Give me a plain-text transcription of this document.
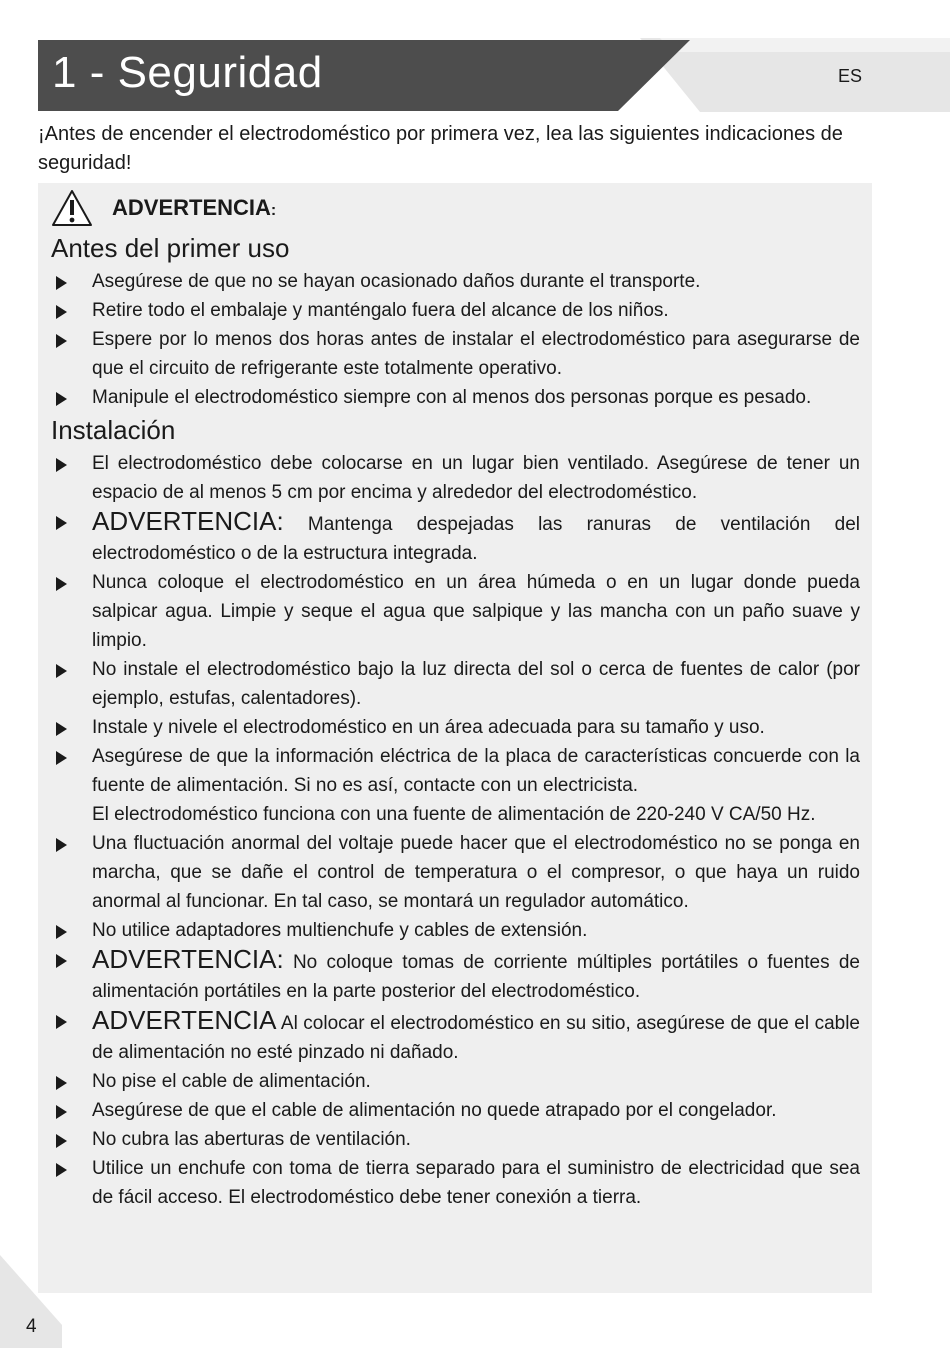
1 - Seguridad	ES

¡Antes de encender el electrodoméstico por primera vez, lea las siguientes indicaciones de seguridad!

ADVERTENCIA:
Antes del primer uso
Asegúrese de que no se hayan ocasionado daños durante el transporte.
Retire todo el embalaje y manténgalo fuera del alcance de los niños.
Espere por lo menos dos horas antes de instalar el electrodoméstico para asegurarse de que el circuito de refrigerante este totalmente operativo.
Manipule el electrodoméstico siempre con al menos dos personas porque es pesado.
Instalación
El electrodoméstico debe colocarse en un lugar bien ventilado. Asegúrese de tener un espacio de al menos 5 cm por encima y alrededor del electrodoméstico.
ADVERTENCIA: Mantenga despejadas las ranuras de ventilación del electrodoméstico o de la estructura integrada.
Nunca coloque el electrodoméstico en un área húmeda o en un lugar donde pueda salpicar agua. Limpie y seque el agua que salpique y las mancha con un paño suave y limpio.
No instale el electrodoméstico bajo la luz directa del sol o cerca de fuentes de calor (por ejemplo, estufas, calentadores).
Instale y nivele el electrodoméstico en un área adecuada para su tamaño y uso.
Asegúrese de que la información eléctrica de la placa de características concuerde con la fuente de alimentación. Si no es así, contacte con un electricista.
El electrodoméstico funciona con una fuente de alimentación de 220-240 V CA/50 Hz.
Una fluctuación anormal del voltaje puede hacer que el electrodoméstico no se ponga en marcha, que se dañe el control de temperatura o el compresor, o que haya un ruido anormal al funcionar. En tal caso, se montará un regulador automático.
No utilice adaptadores multienchufe y cables de extensión.
ADVERTENCIA: No coloque tomas de corriente múltiples portátiles o fuentes de alimentación portátiles en la parte posterior del electrodoméstico.
ADVERTENCIA Al colocar el electrodoméstico en su sitio, asegúrese de que el cable de alimentación no esté pinzado ni dañado.
No pise el cable de alimentación.
Asegúrese de que el cable de alimentación no quede atrapado por el congelador.
No cubra las aberturas de ventilación.
Utilice un enchufe con toma de tierra separado para el suministro de electricidad que sea de fácil acceso. El electrodoméstico debe tener conexión a tierra.
4
